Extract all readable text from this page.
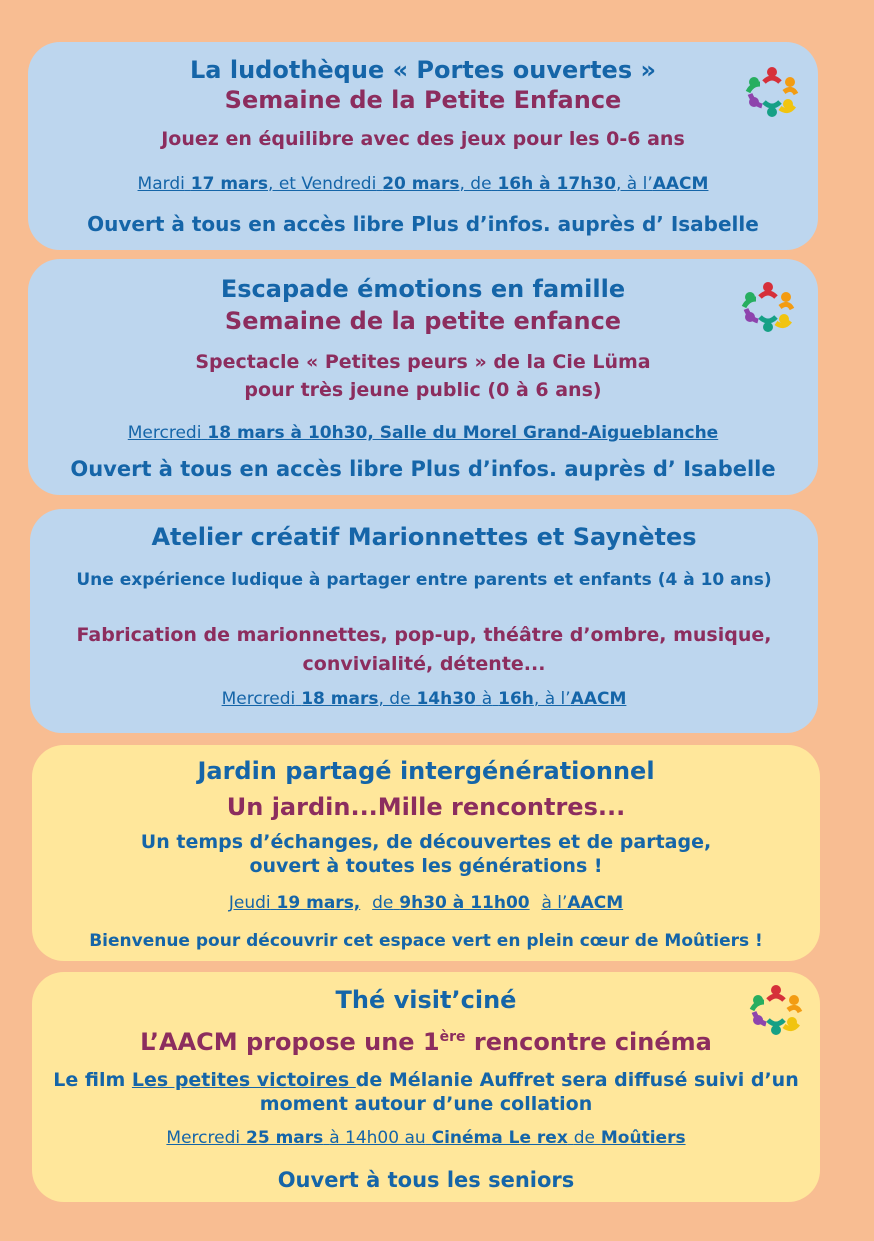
La ludothèque « Portes ouvertes »
Semaine de la Petite Enfance
Jouez en équilibre avec des jeux pour les 0-6 ans
Mardi 17 mars, et Vendredi 20 mars, de 16h à 17h30, à l’AACM
Ouvert à tous en accès libre Plus d’infos. auprès d’ Isabelle
Escapade émotions en famille
Semaine de la petite enfance
Spectacle « Petites peurs » de la Cie Lüma
pour très jeune public (0 à 6 ans)
Mercredi 18 mars à 10h30, Salle du Morel Grand-Aigueblanche
Ouvert à tous en accès libre Plus d’infos. auprès d’ Isabelle
Atelier créatif Marionnettes et Saynètes
Une expérience ludique à partager entre parents et enfants (4 à 10 ans)
Fabrication de marionnettes, pop-up, théâtre d’ombre, musique, convivialité, détente...
Mercredi 18 mars, de 14h30 à 16h, à l’AACM
Jardin partagé intergénérationnel
Un jardin...Mille rencontres...
Un temps d’échanges, de découvertes et de partage,
ouvert à toutes les générations !
Jeudi 19 mars, de 9h30 à 11h00 à l’AACM
Bienvenue pour découvrir cet espace vert en plein cœur de Moûtiers !
Thé visit’ciné
L’AACM propose une 1ère rencontre cinéma
Le film Les petites victoires de Mélanie Auffret sera diffusé suivi d’un moment autour d’une collation
Mercredi 25 mars à 14h00 au Cinéma Le rex de Moûtiers
Ouvert à tous les seniors
